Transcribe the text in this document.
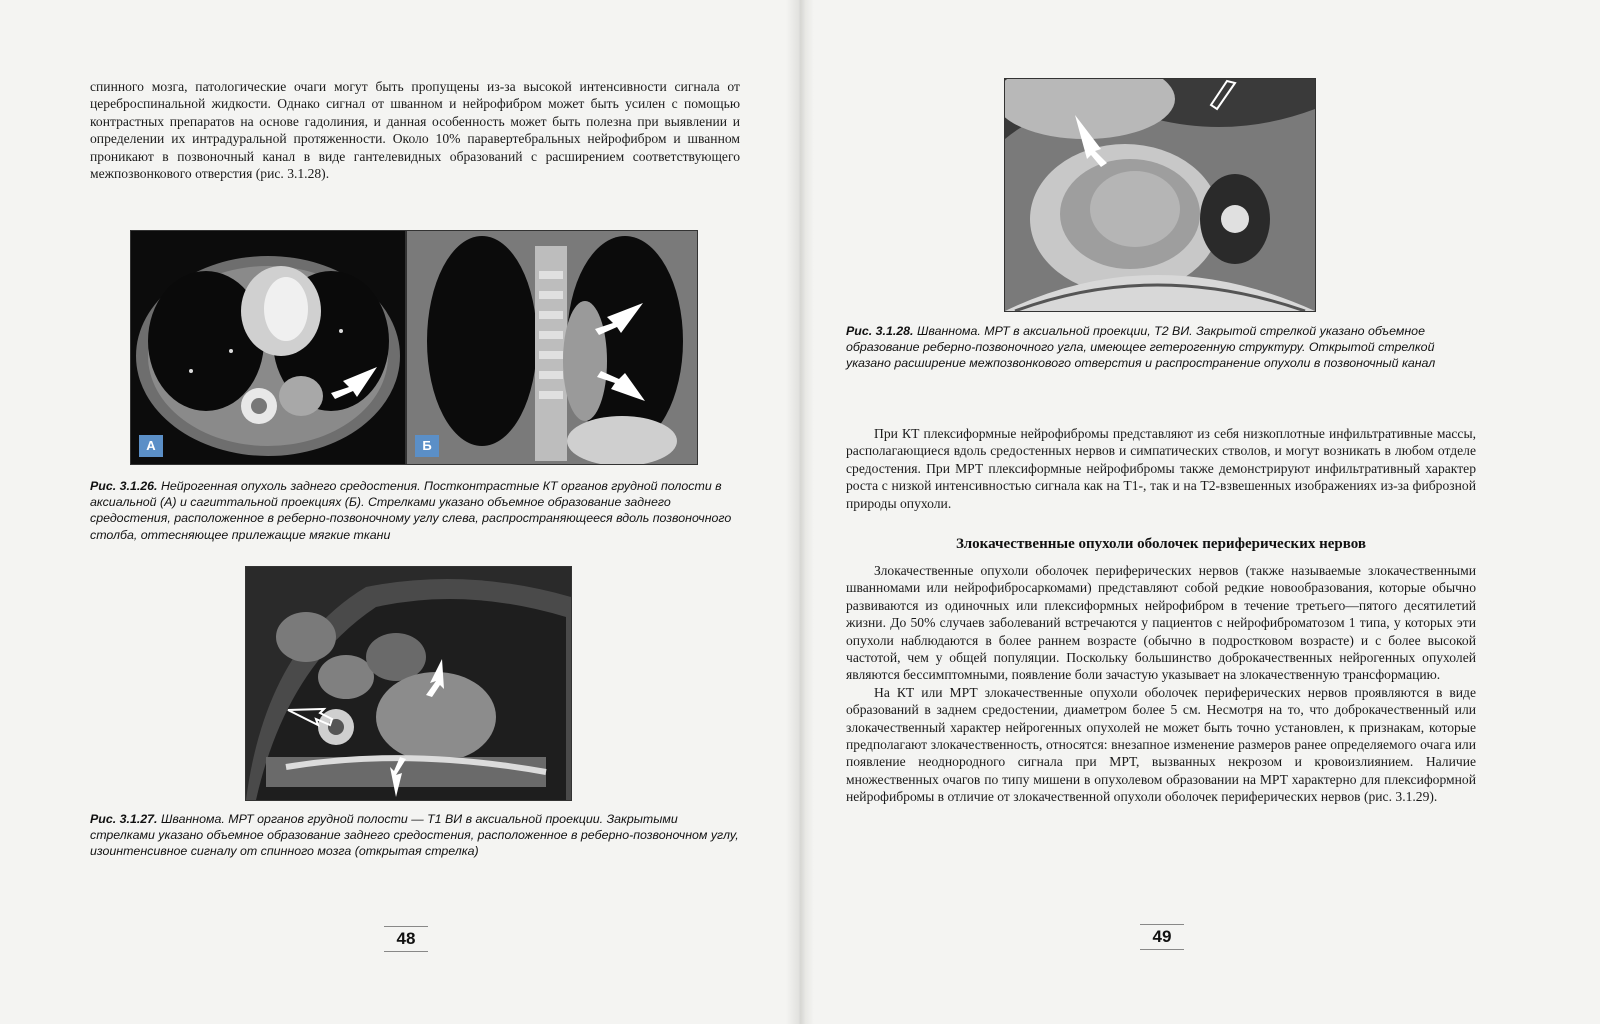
спинного мозга, патологические очаги могут быть пропущены из-за высокой интенсивности сигнала от цереброспинальной жидкости. Однако сигнал от шванном и нейрофибром может быть усилен с помощью контрастных препаратов на основе гадолиния, и данная особенность может быть полезна при выявлении и определении их интрадуральной протяженности. Около 10% паравертебральных нейрофибром и шванном проникают в позвоночный канал в виде гантелевидных образований с расширением соответствующего межпозвонкового отверстия (рис. 3.1.28).

А	Б
Рис. 3.1.26. Нейрогенная опухоль заднего средостения. Постконтрастные КТ органов грудной полости в аксиальной (А) и сагиттальной проекциях (Б). Стрелками указано объемное образование заднего средостения, расположенное в реберно-позвоночному углу слева, распространяющееся вдоль позвоночного столба, оттесняющее прилежащие мягкие ткани
Рис. 3.1.27. Шваннома. МРТ органов грудной полости — Т1 ВИ в аксиальной проекции. Закрытыми стрелками указано объемное образование заднего средостения, расположенное в реберно-позвоночном углу, изоинтенсивное сигналу от спинного мозга (открытая стрелка)
48
Рис. 3.1.28. Шваннома. МРТ в аксиальной проекции, Т2 ВИ. Закрытой стрелкой указано объемное образование реберно-позвоночного угла, имеющее гетерогенную структуру. Открытой стрелкой указано расширение межпозвонкового отверстия и распространение опухоли в позвоночный канал

При КТ плексиформные нейрофибромы представляют из себя низкоплотные инфильтративные массы, располагающиеся вдоль средостенных нервов и симпатических стволов, и могут возникать в любом отделе средостения. При МРТ плексиформные нейрофибромы также демонстрируют инфильтративный характер роста с низкой интенсивностью сигнала как на Т1-, так и на Т2-взвешенных изображениях из-за фиброзной природы опухоли.

Злокачественные опухоли оболочек периферических нервов

Злокачественные опухоли оболочек периферических нервов (также называемые злокачественными шванномами или нейрофибросаркомами) представляют собой редкие новообразования, которые обычно развиваются из одиночных или плексиформных нейрофибром в течение третьего—пятого десятилетий жизни. До 50% случаев заболеваний встречаются у пациентов с нейрофиброматозом 1 типа, у которых эти опухоли наблюдаются в более раннем возрасте (обычно в подростковом возрасте) и с более высокой частотой, чем у общей популяции. Поскольку большинство доброкачественных нейрогенных опухолей являются бессимптомными, появление боли зачастую указывает на злокачественную трансформацию.

На КТ или МРТ злокачественные опухоли оболочек периферических нервов проявляются в виде образований в заднем средостении, диаметром более 5 см. Несмотря на то, что доброкачественный или злокачественный характер нейрогенных опухолей не может быть точно установлен, к признакам, которые предполагают злокачественность, относятся: внезапное изменение размеров ранее определяемого очага или появление неоднородного сигнала при МРТ, вызванных некрозом и кровоизлиянием. Наличие множественных очагов по типу мишени в опухолевом образовании на МРТ характерно для плексиформной нейрофибромы в отличие от злокачественной опухоли оболочек периферических нервов (рис. 3.1.29).

49
